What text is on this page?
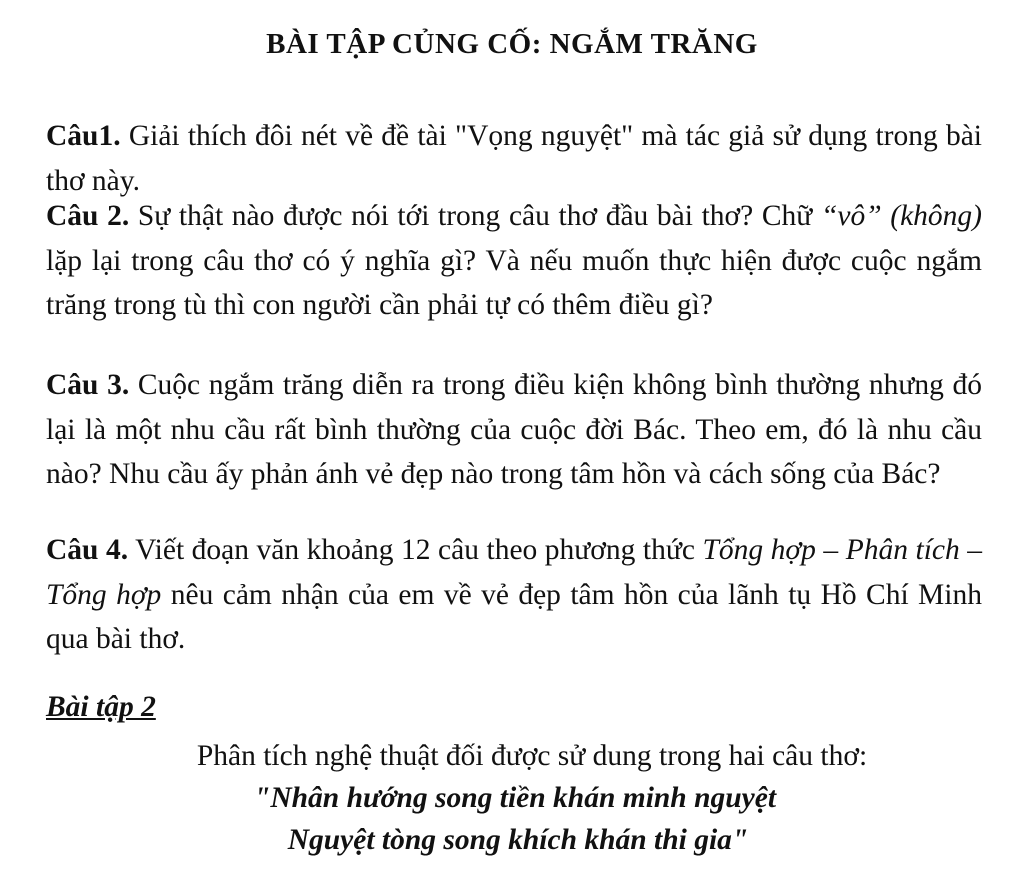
BÀI TẬP CỦNG CỐ: NGẮM TRĂNG
Câu1. Giải thích đôi nét về đề tài "Vọng nguyệt" mà tác giả sử dụng trong bài thơ này.
Câu 2. Sự thật nào được nói tới trong câu thơ đầu bài thơ? Chữ “vô” (không) lặp lại trong câu thơ có ý nghĩa gì? Và nếu muốn thực hiện được cuộc ngắm trăng trong tù thì con người cần phải tự có thêm điều gì?
Câu 3. Cuộc ngắm trăng diễn ra trong điều kiện không bình thường nhưng đó lại là một nhu cầu rất bình thường của cuộc đời Bác. Theo em, đó là nhu cầu nào? Nhu cầu ấy phản ánh vẻ đẹp nào trong tâm hồn và cách sống của Bác?
Câu 4. Viết đoạn văn khoảng 12 câu theo phương thức Tổng hợp – Phân tích – Tổng hợp nêu cảm nhận của em về vẻ đẹp tâm hồn của lãnh tụ Hồ Chí Minh qua bài thơ.
Bài tập 2
Phân tích nghệ thuật đối được sử dung trong hai câu thơ:
"Nhân hướng song tiền khán minh nguyệt
Nguyệt tòng song khích khán thi gia"
